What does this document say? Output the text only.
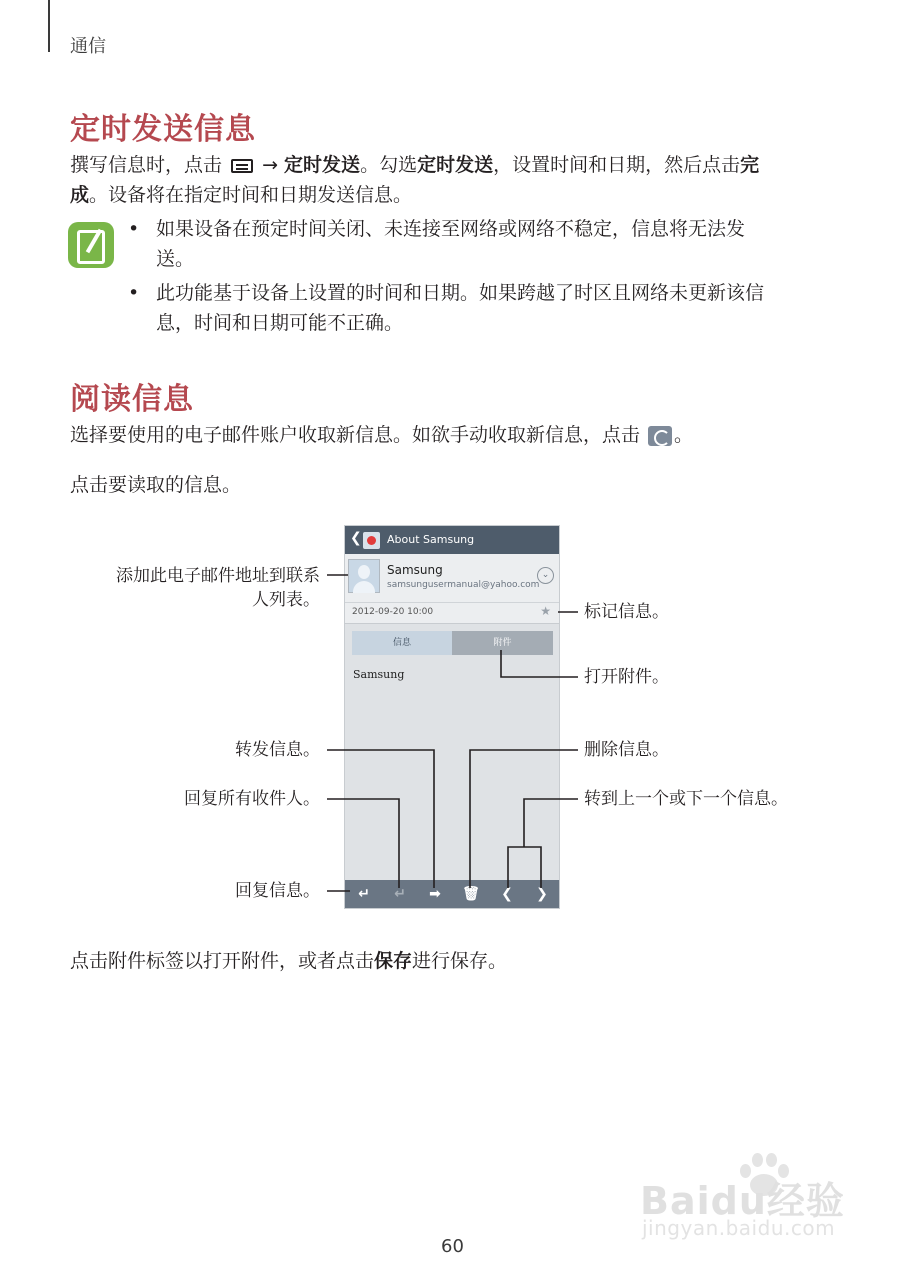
通信
定时发送信息
撰写信息时，点击  → 定时发送。勾选定时发送，设置时间和日期，然后点击完
成。设备将在指定时间和日期发送信息。
• 如果设备在预定时间关闭、未连接至网络或网络不稳定，信息将无法发
送。
• 此功能基于设备上设置的时间和日期。如果跨越了时区且网络未更新该信
息，时间和日期可能不正确。
阅读信息
选择要使用的电子邮件账户收取新信息。如欲手动收取新信息，点击 。
点击要读取的信息。
❮ About Samsung
Samsung
samsungusermanual@yahoo.com
⌄
2012-09-20 10:00	★
信息	附件
Samsung
↵ ↵ ➡ 🗑 ❮ ❯
添加此电子邮件地址到联系
人列表。
标记信息。
打开附件。
转发信息。	删除信息。
回复所有收件人。	转到上一个或下一个信息。
回复信息。
点击附件标签以打开附件，或者点击保存进行保存。
Baidu经验
jingyan.baidu.com
60
